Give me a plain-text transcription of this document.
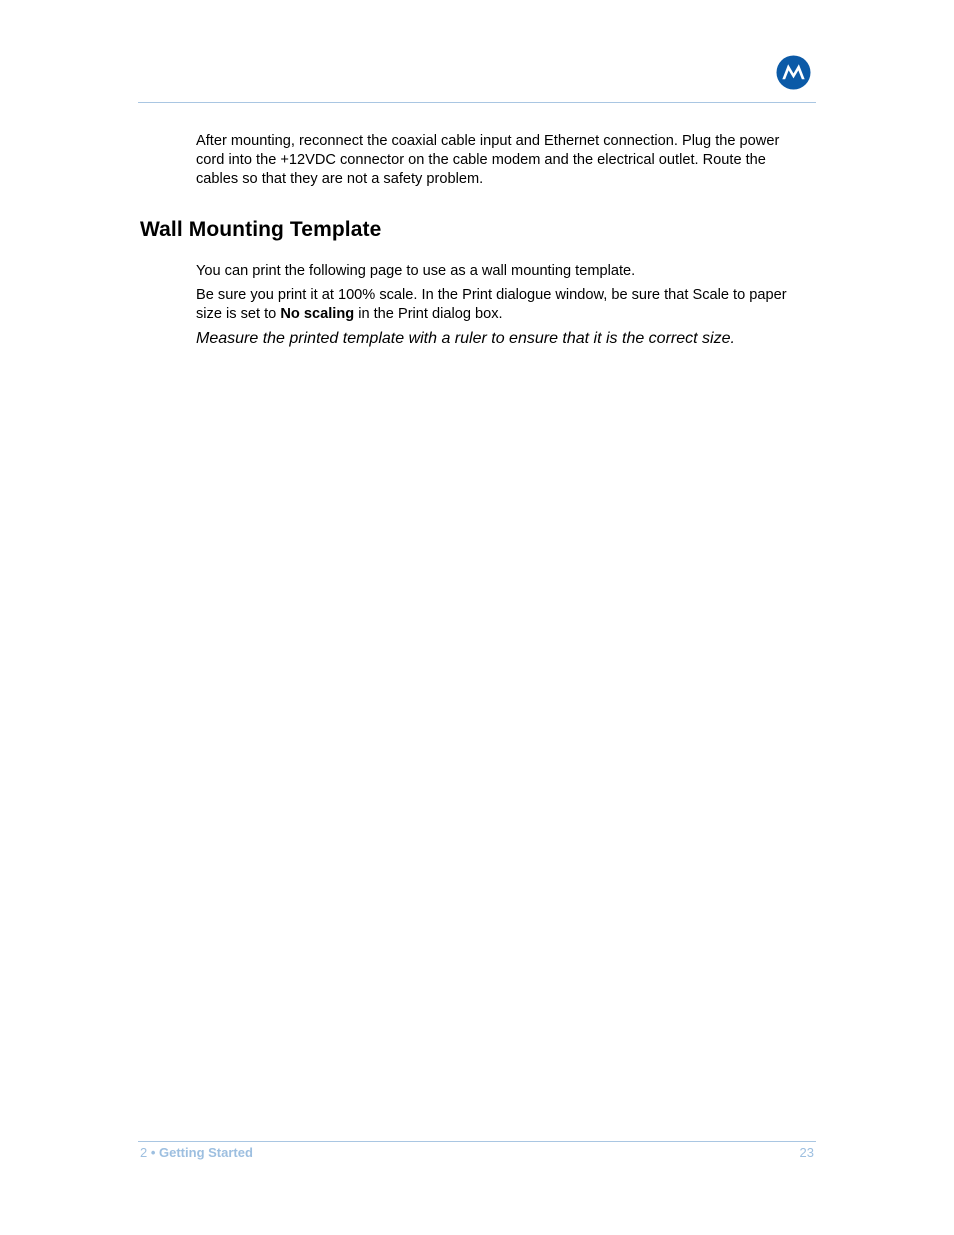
After mounting, reconnect the coaxial cable input and Ethernet connection. Plug the power cord into the +12VDC connector on the cable modem and the electrical outlet. Route the cables so that they are not a safety problem.

Wall Mounting Template

You can print the following page to use as a wall mounting template.

Be sure you print it at 100% scale. In the Print dialogue window, be sure that Scale to paper size is set to No scaling in the Print dialog box.

Measure the printed template with a ruler to ensure that it is the correct size.

2 • Getting Started	23
